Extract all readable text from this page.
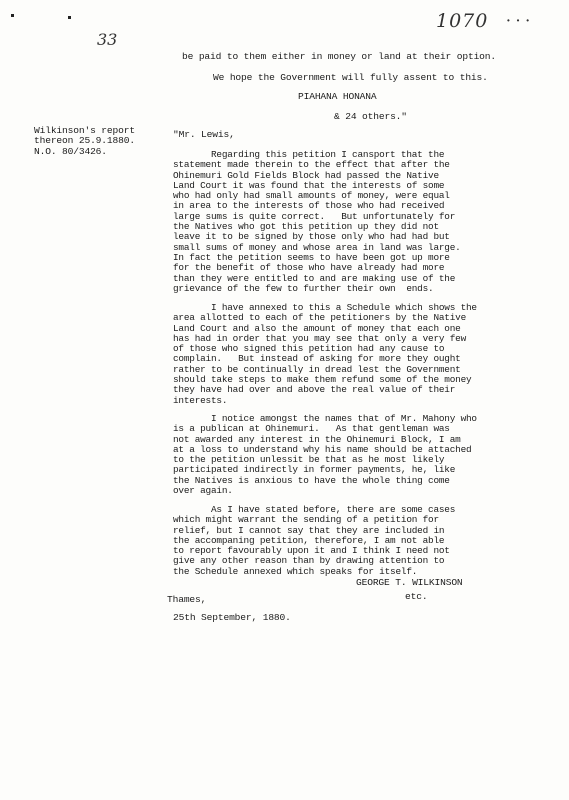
33
1070 • • •
be paid to them either in money or land at their option.
We hope the Government will fully assent to this.
PIAHANA HONANA
& 24 others."
Wilkinson's report
thereon 25.9.1880.
N.O. 80/3426.
"Mr. Lewis,

Regarding this petition I cansport that the

statement made therein to the effect that after the

Ohinemuri Gold Fields Block had passed the Native

Land Court it was found that the interests of some

who had only had small amounts of money, were equal

in area to the interests of those who had received

large sums is quite correct.   But unfortunately for

the Natives who got this petition up they did not

leave it to be signed by those only who had had but

small sums of money and whose area in land was large.

In fact the petition seems to have been got up more

for the benefit of those who have already had more

than they were entitled to and are making use of the

grievance of the few to further their own  ends.

I have annexed to this a Schedule which shows the

area allotted to each of the petitioners by the Native

Land Court and also the amount of money that each one

has had in order that you may see that only a very few

of those who signed this petition had any cause to

complain.   But instead of asking for more they ought

rather to be continually in dread lest the Government

should take steps to make them refund some of the money

they have had over and above the real value of their

interests.

I notice amongst the names that of Mr. Mahony who

is a publican at Ohinemuri.   As that gentleman was

not awarded any interest in the Ohinemuri Block, I am

at a loss to understand why his name should be attached

to the petition unlessit be that as he most likely

participated indirectly in former payments, he, like

the Natives is anxious to have the whole thing come

over again.

As I have stated before, there are some cases

which might warrant the sending of a petition for

relief, but I cannot say that they are included in

the accompaning petition, therefore, I am not able

to report favourably upon it and I think I need not

give any other reason than by drawing attention to

the Schedule annexed which speaks for itself.

GEORGE T. WILKINSON
etc.
Thames,
25th September, 1880.
